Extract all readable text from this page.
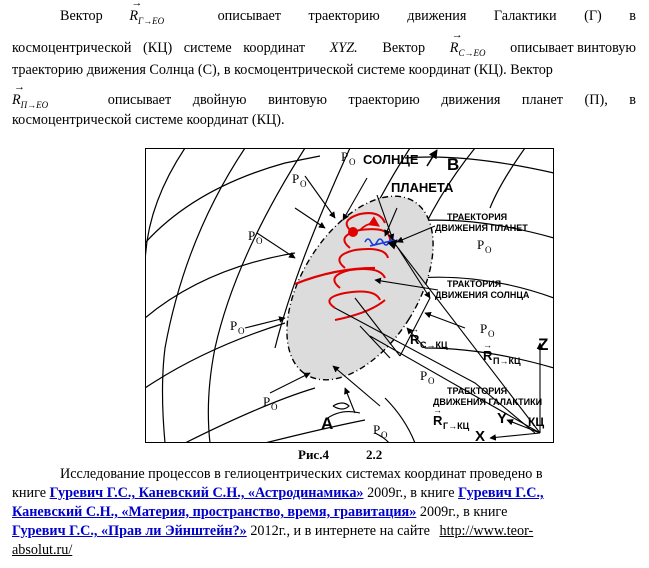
Вектор
→
$R_{Г\to ЕО}$	описывает траекторию движения Галактики (Г) в
космоцентрической (КЦ) системе координат XYZ. Вектор
→
$R_{С\to ЕО}$ описывает винтовую
траекторию движения Солнца (С), в космоцентрической системе координат (КЦ). Вектор
→
$R_{П\to ЕО}$	описывает двойную винтовую траекторию движения планет (П), в
космоцентрической системе координат (КЦ).
СОЛНЦЕ
ПЛАНЕТА
B
A
ТРАЕКТОРИЯ
ДВИЖЕНИЯ ПЛАНЕТ
ТРАКТОРИЯ
ДВИЖЕНИЯ СОЛНЦА
ТРАЕКТОРИЯ
ДВИЖЕНИЯ ГАЛАКТИКИ
Z
Y
X
КЦ
R С→КЦ
→
R П→КЦ
→
R Г→КЦ
→
P O
P O
P O	P O
P O	P O
P O
P O
P O
Рис.4	2.2
Исследование процессов в гелиоцентрических системах координат проведено в
книге Гуревич Г.С., Каневский С.Н., «Астродинамика» 2009г., в книге Гуревич Г.С.,
Каневский С.Н., «Материя, пространство, время, гравитация» 2009г., в книге
Гуревич Г.С., «Прав ли Эйнштейн?» 2012г., и в интернете на сайте http://www.teor-
absolut.ru/
